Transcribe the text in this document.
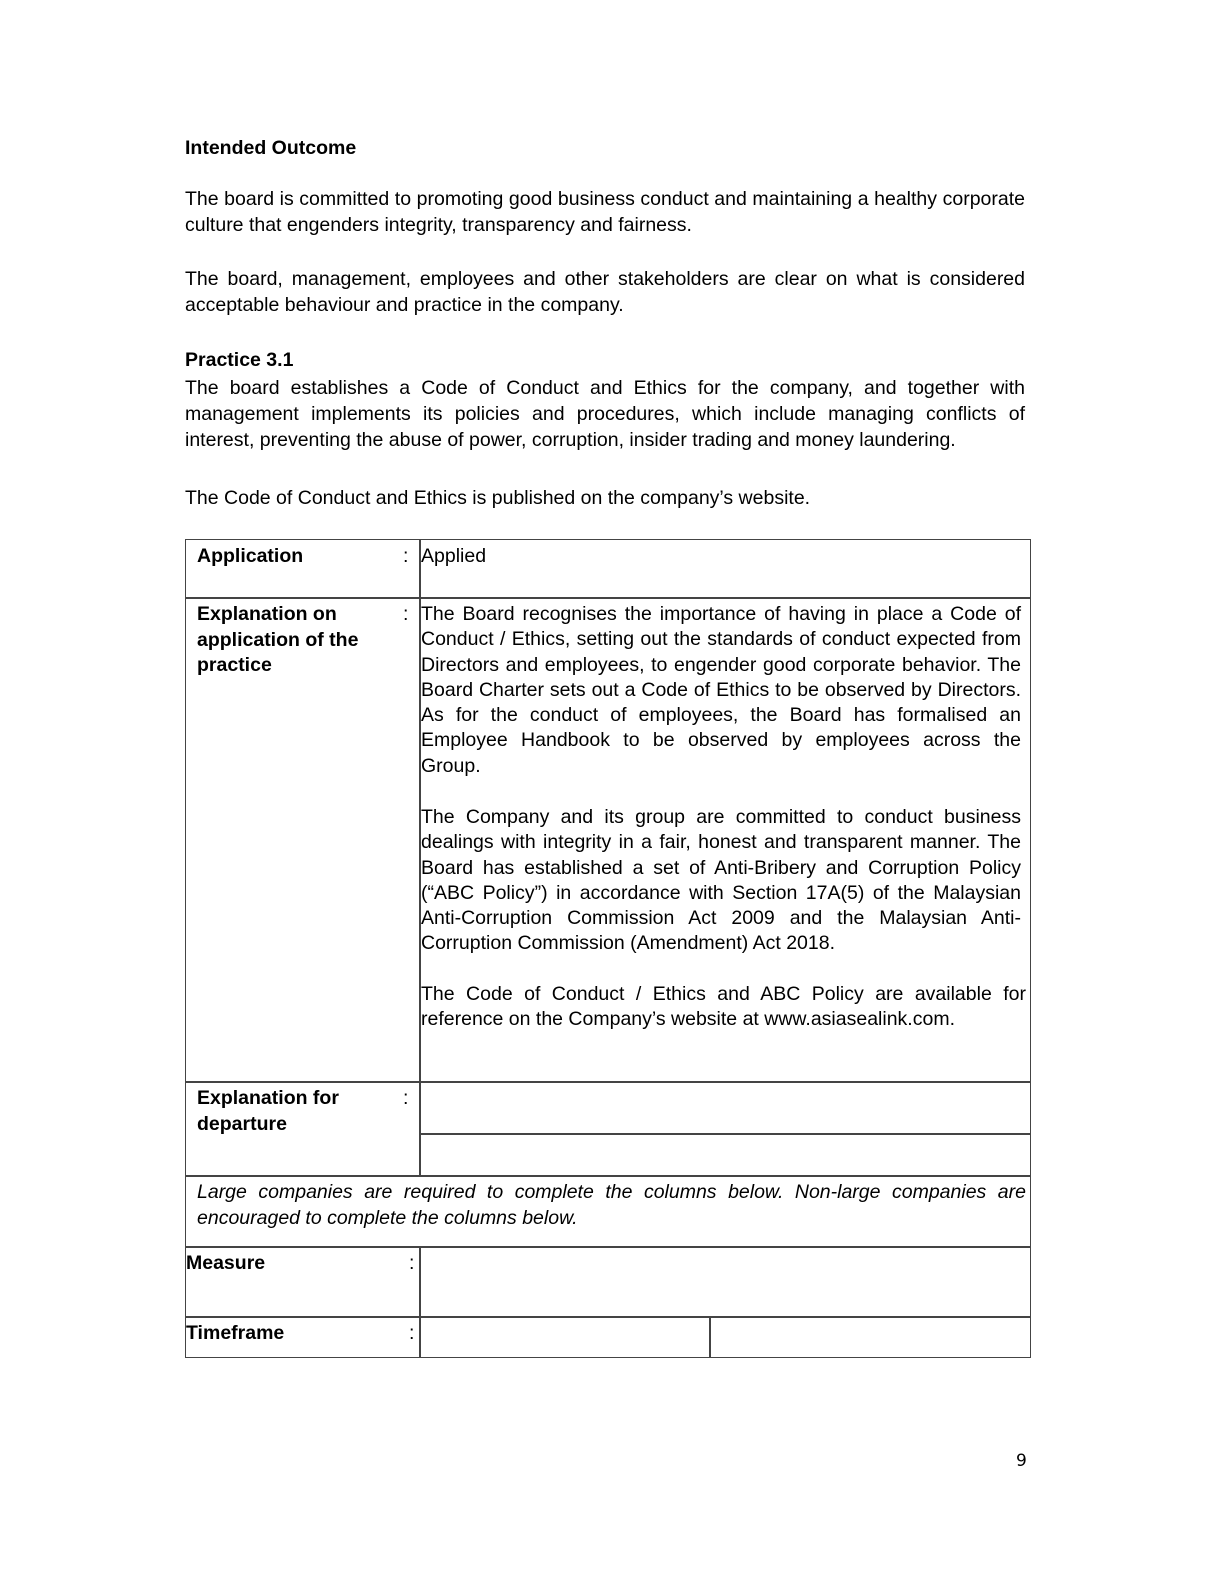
Intended Outcome

The board is committed to promoting good business conduct and maintaining a healthy corporate culture that engenders integrity, transparency and fairness.

The board, management, employees and other stakeholders are clear on what is considered acceptable behaviour and practice in the company.

Practice 3.1

The board establishes a Code of Conduct and Ethics for the company, and together with management implements its policies and procedures, which include managing conflicts of interest, preventing the abuse of power, corruption, insider trading and money laundering.

The Code of Conduct and Ethics is published on the company’s website.

Application	: Applied
Explanation on application of the practice
: The Board recognises the importance of having in place a Code of Conduct / Ethics, setting out the standards of conduct expected from Directors and employees, to engender good corporate behavior. The Board Charter sets out a Code of Ethics to be observed by Directors. As for the conduct of employees, the Board has formalised an Employee Handbook to be observed by employees across the Group.

The Company and its group are committed to conduct business dealings with integrity in a fair, honest and transparent manner. The Board has established a set of Anti-Bribery and Corruption Policy (“ABC Policy”) in accordance with Section 17A(5) of the Malaysian Anti-Corruption Commission Act 2009 and the Malaysian Anti-Corruption Commission (Amendment) Act 2018.

The Code of Conduct / Ethics and ABC Policy are available for reference on the Company’s website at www.asiasealink.com.

Explanation for departure
:

Large companies are required to complete the columns below. Non-large companies are encouraged to complete the columns below.

Measure	:
Timeframe	:
9
